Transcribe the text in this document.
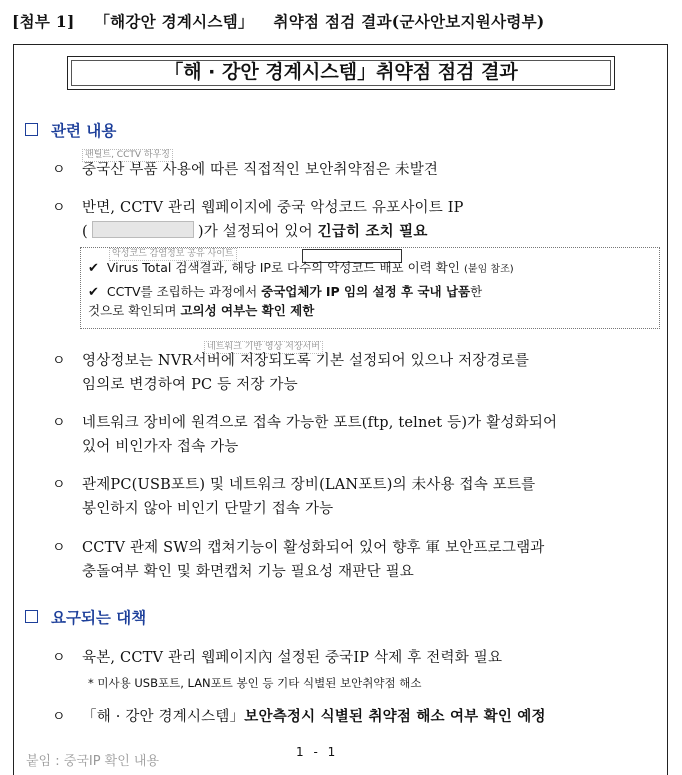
[첨부 1] 「해강안 경계시스템」 취약점 점검 결과(군사안보지원사령부)
「해 · 강안 경계시스템」취약점 점검 결과
관련 내용
팬틸트, CCTV 하우징
ㅇ	중국산 부품 사용에 따른 직접적인 보안취약점은 未발견
ㅇ	반면, CCTV 관리 웹페이지에 중국 악성코드 유포사이트 IP
(	)가 설정되어 있어 긴급히 조치 필요
악성코드 감염정보 공유 사이트
✔ Virus Total 검색결과, 해당 IP로 다수의 악성코드 배포 이력 확인 (붙임 참조)
✔ CCTV를 조립하는 과정에서 중국업체가 IP 임의 설정 후 국내 납품한
것으로 확인되며 고의성 여부는 확인 제한
네트워크 기반 영상 저장서버
ㅇ	영상정보는 NVR서버에 저장되도록 기본 설정되어 있으나 저장경로를
임의로 변경하여 PC 등 저장 가능
ㅇ	네트워크 장비에 원격으로 접속 가능한 포트(ftp, telnet 등)가 활성화되어
있어 비인가자 접속 가능
ㅇ	관제PC(USB포트) 및 네트워크 장비(LAN포트)의 未사용 접속 포트를
봉인하지 않아 비인기 단말기 접속 가능
ㅇ	CCTV 관제 SW의 캡쳐기능이 활성화되어 있어 향후 軍 보안프로그램과
충돌여부 확인 및 화면캡처 기능 필요성 재판단 필요
요구되는 대책
ㅇ	육본, CCTV 관리 웹페이지內 설정된 중국IP 삭제 후 전력화 필요
* 미사용 USB포트, LAN포트 봉인 등 기타 식별된 보안취약점 해소
ㅇ	「해 · 강안 경계시스템」보안측정시 식별된 취약점 해소 여부 확인 예정
붙임 : 중국IP 확인 내용
1 - 1
